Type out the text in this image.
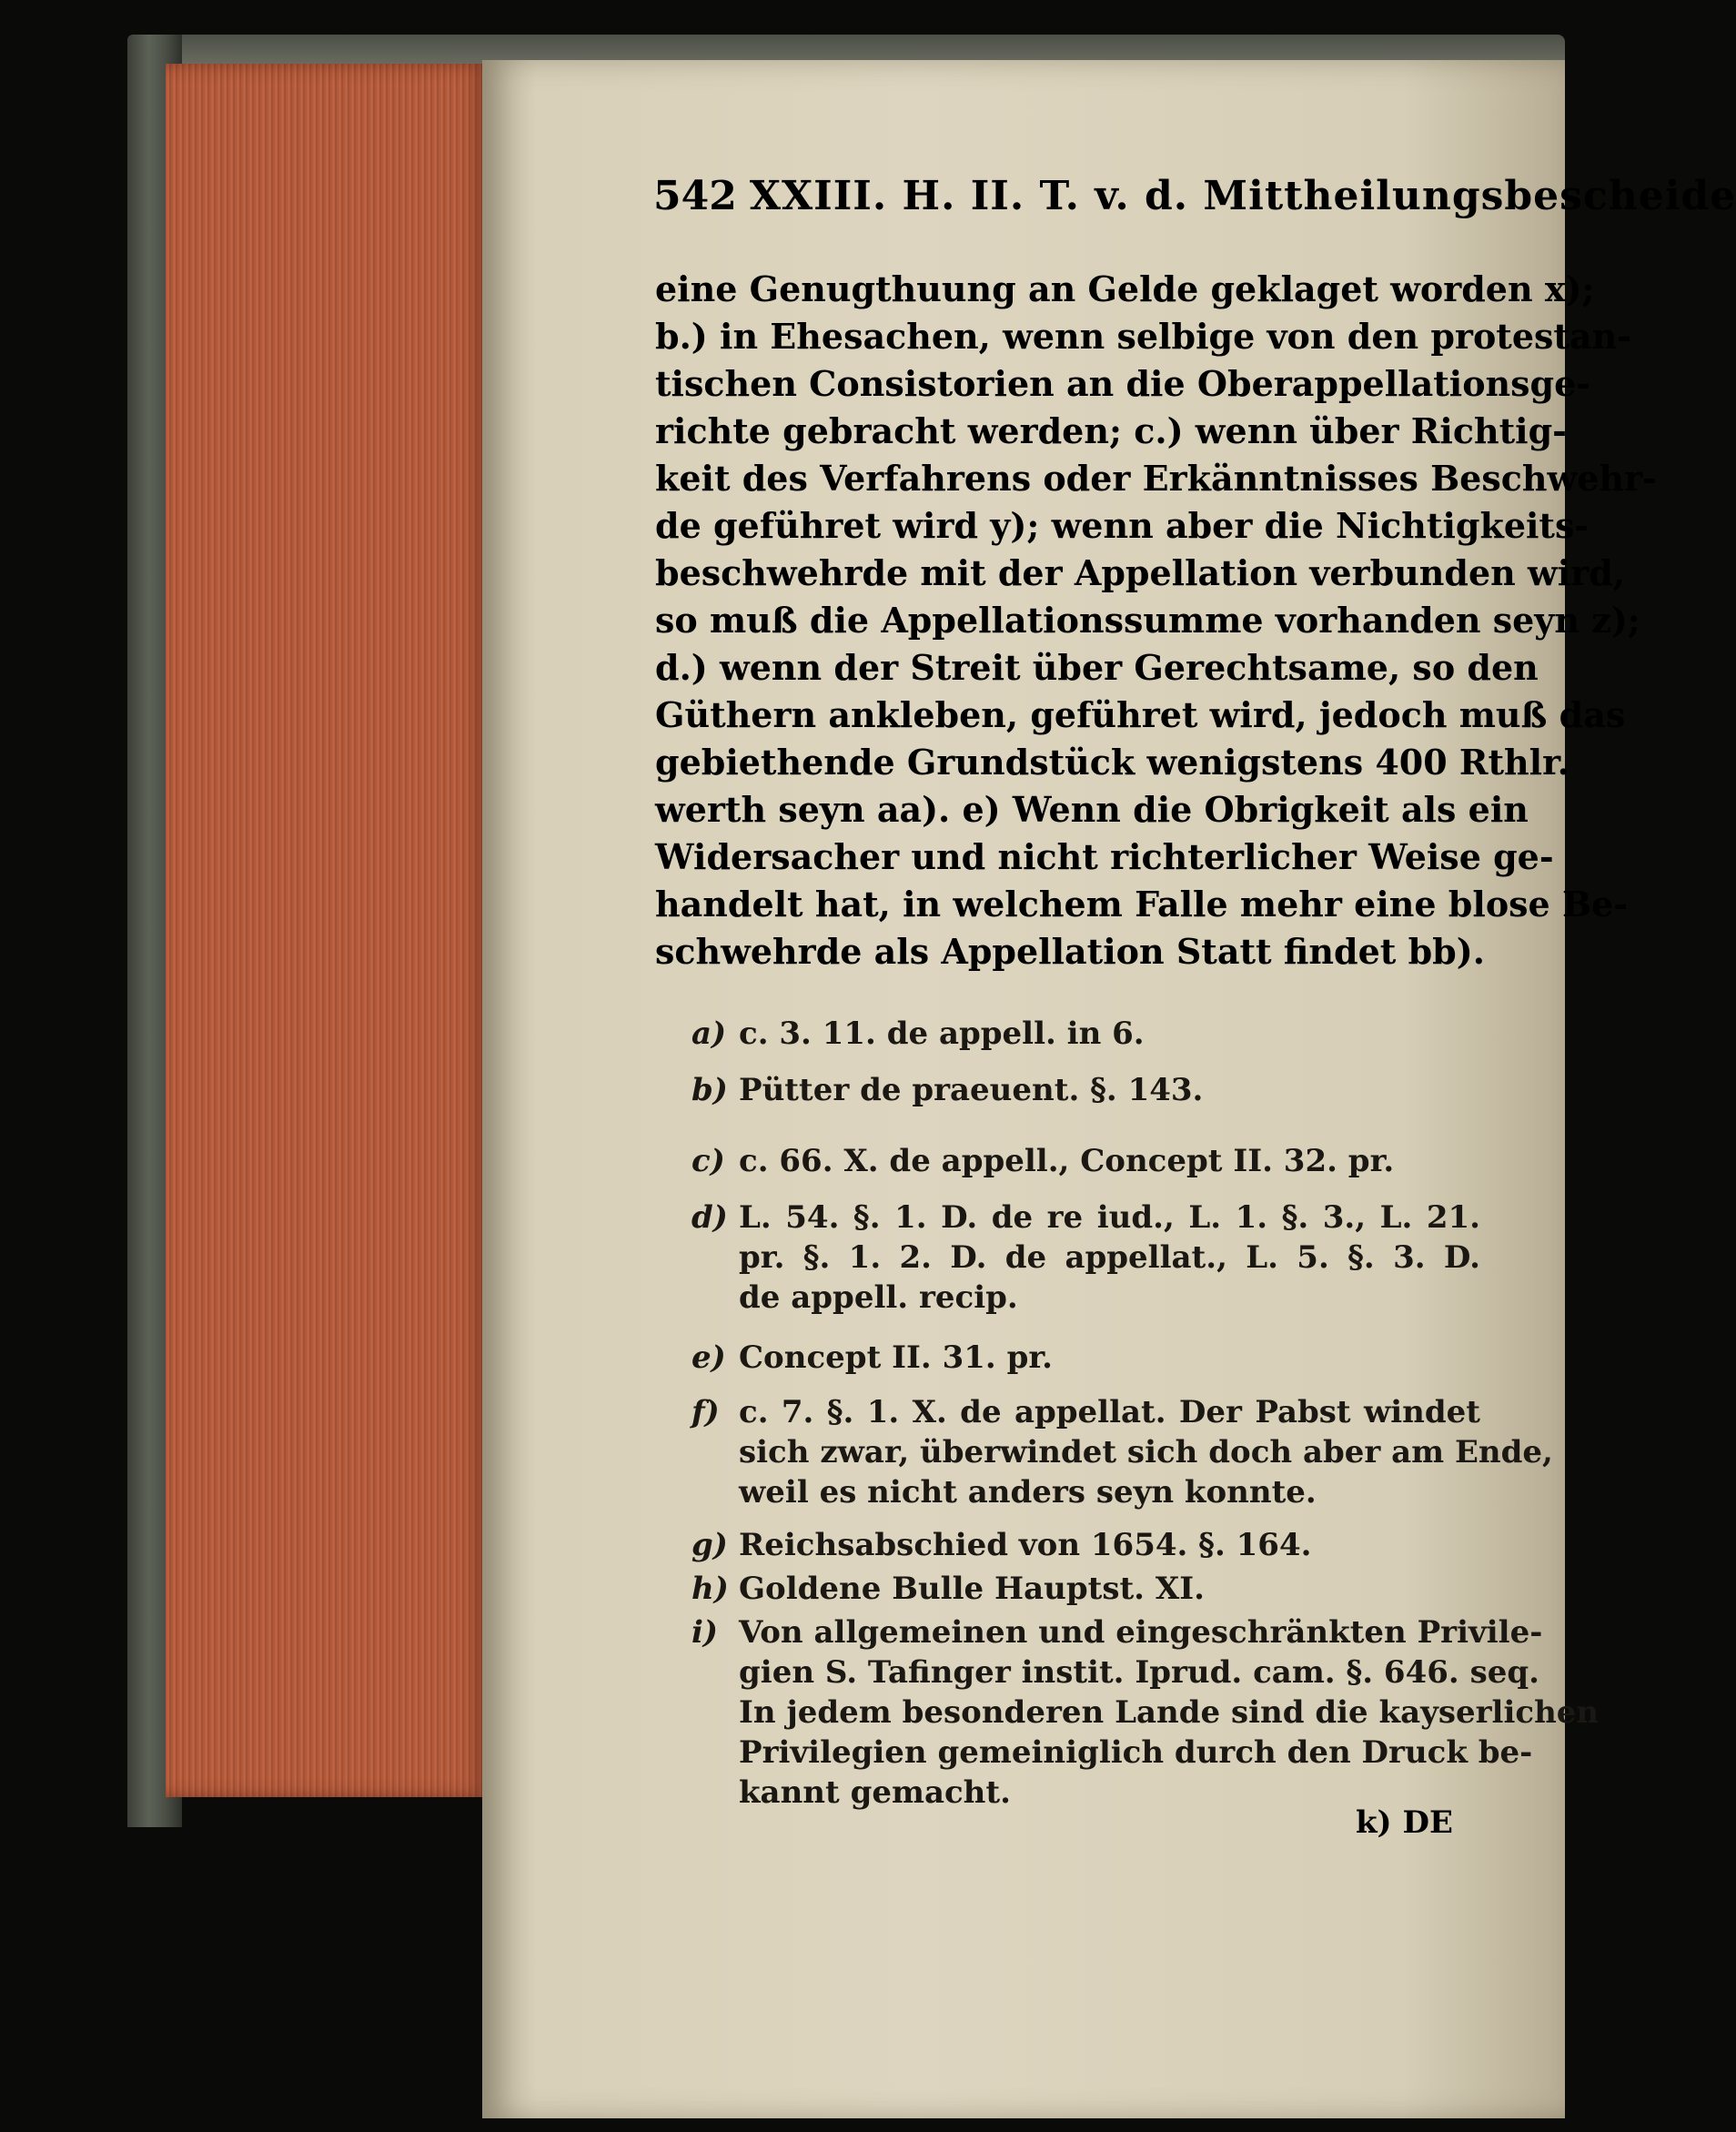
542 XXIII. H. II. T. v. d. Mittheilungsbescheide
eine Genugthuung an Gelde geklaget worden x);
b.) in Ehesachen, wenn selbige von den protestan-
tischen Consistorien an die Oberappellationsge-
richte gebracht werden; c.) wenn über Richtig-
keit des Verfahrens oder Erkänntnisses Beschwehr-
de geführet wird y); wenn aber die Nichtigkeits-
beschwehrde mit der Appellation verbunden wird,
so muß die Appellationssumme vorhanden seyn z);
d.) wenn der Streit über Gerechtsame, so den
Güthern ankleben, geführet wird, jedoch muß das
gebiethende Grundstück wenigstens 400 Rthlr.
werth seyn aa). e) Wenn die Obrigkeit als ein
Widersacher und nicht richterlicher Weise ge-
handelt hat, in welchem Falle mehr eine blose Be-
schwehrde als Appellation Statt findet bb).
a) c. 3. 11. de appell. in 6.
b) Pütter de praeuent. §. 143.
c) c. 66. X. de appell., Concept II. 32. pr.
d) L. 54. §. 1. D. de re iud., L. 1. §. 3., L. 21.
pr. §. 1. 2. D. de appellat., L. 5. §. 3. D.
de appell. recip.
e) Concept II. 31. pr.
f) c. 7. §. 1. X. de appellat. Der Pabst windet
sich zwar, überwindet sich doch aber am Ende,
weil es nicht anders seyn konnte.
g) Reichsabschied von 1654. §. 164.
h) Goldene Bulle Hauptst. XI.
i) Von allgemeinen und eingeschränkten Privile-
gien S. Tafinger instit. Iprud. cam. §. 646. seq.
In jedem besonderen Lande sind die kayserlichen
Privilegien gemeiniglich durch den Druck be-
kannt gemacht.
k) DE
